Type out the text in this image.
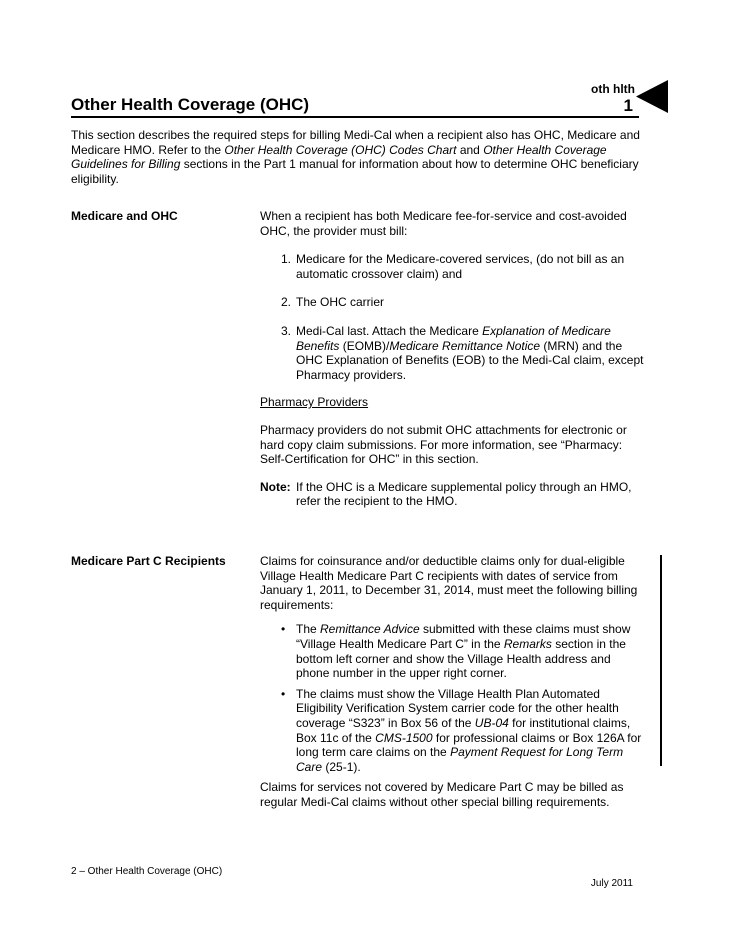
oth hlth
1
Other Health Coverage (OHC)
This section describes the required steps for billing Medi-Cal when a recipient also has OHC, Medicare and Medicare HMO. Refer to the Other Health Coverage (OHC) Codes Chart and Other Health Coverage Guidelines for Billing sections in the Part 1 manual for information about how to determine OHC beneficiary eligibility.
Medicare and OHC	When a recipient has both Medicare fee-for-service and cost-avoided OHC, the provider must bill:

1. Medicare for the Medicare-covered services, (do not bill as an automatic crossover claim) and
2. The OHC carrier
3. Medi-Cal last. Attach the Medicare Explanation of Medicare Benefits (EOMB)/Medicare Remittance Notice (MRN) and the OHC Explanation of Benefits (EOB) to the Medi-Cal claim, except Pharmacy providers.

Pharmacy Providers

Pharmacy providers do not submit OHC attachments for electronic or hard copy claim submissions. For more information, see “Pharmacy: Self-Certification for OHC” in this section.

Note: If the OHC is a Medicare supplemental policy through an HMO, refer the recipient to the HMO.
Medicare Part C Recipients	Claims for coinsurance and/or deductible claims only for dual-eligible Village Health Medicare Part C recipients with dates of service from January 1, 2011, to December 31, 2014, must meet the following billing requirements:

• The Remittance Advice submitted with these claims must show “Village Health Medicare Part C” in the Remarks section in the bottom left corner and show the Village Health address and phone number in the upper right corner.
• The claims must show the Village Health Plan Automated Eligibility Verification System carrier code for the other health coverage “S323” in Box 56 of the UB-04 for institutional claims, Box 11c of the CMS-1500 for professional claims or Box 126A for long term care claims on the Payment Request for Long Term Care (25-1).

Claims for services not covered by Medicare Part C may be billed as regular Medi-Cal claims without other special billing requirements.

2 – Other Health Coverage (OHC)
July 2011
